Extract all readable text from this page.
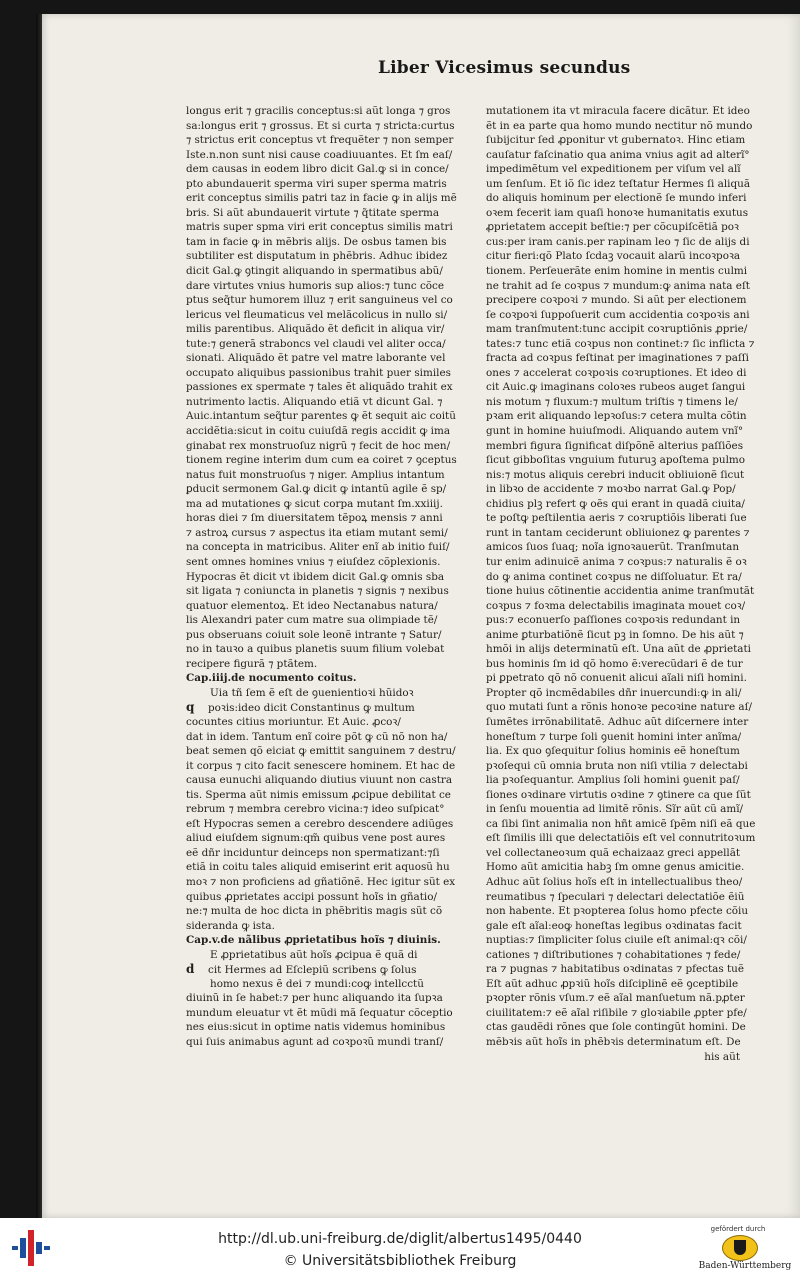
Liber Vicesimus secundus
longus erit ⁊ gracilis conceptus:si aũt longa ⁊ gros
sa:longus erit ⁊ grossus. Et si curta ⁊ stricta:curtus
⁊ strictus erit conceptus vt frequẽter ⁊ non semper
Iste.n.non sunt nisi cause coadiuuantes. Et ſm eaſ/
dem causas in eodem libro dicit Gal.ꝙ si in conce/
pto abundauerit sperma viri super sperma matris
erit conceptus similis patri taz in facie ꝙ in alijs mẽ
bris. Si aũt abundauerit virtute ⁊ q̃titate sperma
matris super spma viri erit conceptus similis matri
tam in facie ꝙ in mẽbris alijs. De osbus tamen bis
subtiliter est disputatum in phẽbris. Adhuc ibidez
dicit Gal.ꝙ ꝯtingit aliquando in spermatibus abũ/
dare virtutes vnius humoris sup alios:⁊ tunc cõce
ptus seq̃tur humorem illuz ⁊ erit sanguineus vel co
lericus vel fleumaticus vel melãcolicus in nullo si/
milis parentibus. Aliquãdo ẽt deficit in aliqua vir/
tute:⁊ generã straboncs vel claudi vel aliter occa/
sionati. Aliquãdo ẽt patre vel matre laborante vel
occupato aliquibus passionibus trahit puer similes
passiones ex spermate ⁊ tales ẽt aliquãdo trahit ex
nutrimento lactis. Aliquando etiã vt dicunt Gal. ⁊
Auic.intantum seq̃tur parentes ꝙ ẽt sequit aic coitũ
accidẽtia:sicut in coitu cuiuſdã regis accidit ꝙ ima
ginabat rex monstruoſuz nigrũ ⁊ fecit de hoc men/
tionem regine interim dum cum ea coiret ⁊ ꝯceptus
natus fuit monstruoſus ⁊ niger. Amplius intantum
ꝑducit sermonem Gal.ꝙ dicit ꝙ intantũ agile ẽ sp/
ma ad mutationes ꝙ sicut corpa mutant ſm.xxiiij.
horas diei ⁊ ſm diuersitatem tẽpoꝝ mensis ⁊ anni
⁊ astroꝝ cursus ⁊ aspectus ita etiam mutant semi/
na concepta in matricibus. Aliter enĩ ab initio fuiſ/
sent omnes homines vnius ⁊ eiuſdez cõplexionis.
Hypocras ẽt dicit vt ibidem dicit Gal.ꝙ omnis sba
sit ligata ⁊ coniuncta in planetis ⁊ signis ⁊ nexibus
quatuor elementoꝝ. Et ideo Nectanabus natura/
lis Alexandri pater cum matre sua olimpiade tẽ/
pus obseruans coiuit sole leonẽ intrante ⁊ Satur/
no in tauꝛo a quibus planetis suum filium volebat
recipere figurã ⁊ ptãtem.
Cap.iiij.de nocumento coitus.
Uia tñ ſem ẽ eſt de ꝯuenientioꝛi hũidoꝛ
q poꝛis:ideo dicit Constantinus ꝙ multum
cocuntes citius moriuntur. Et Auic. ꝓcoꝛ/
dat in idem. Tantum enĩ coire põt ꝙ cũ nõ non ha/
beat semen qõ eiciat ꝙ emittit sanguinem ⁊ destru/
it corpus ⁊ cito facit senescere hominem. Et hac de
causa eunuchi aliquando diutius viuunt non castra
tis. Sperma aũt nimis emissum ꝓcipue debilitat ce
rebrum ⁊ membra cerebro vicina:⁊ ideo suſpicat°
eſt Hypocras semen a cerebro descendere adiũges
aliud eiuſdem signum:qm̃ quibus vene post aures
eẽ dñr inciduntur deinceps non spermatizant:⁊ſi
etiã in coitu tales aliquid emiserint erit aquosũ hu
moꝛ ⁊ non proficiens ad gñatiõnẽ. Hec igitur sũt ex
quibus ꝓprietates accipi possunt hoĩs in gñatio/
ne:⁊ multa de hoc dicta in phẽbritis magis sũt cõ
sideranda ꝙ ista.
Cap.v.de nãlibus ꝓprietatibus hoĩs ⁊ diuinis.
E ꝓprietatibus aũt hoĩs ꝓcipua ẽ quã di
d cit Hermes ad Eſclepiũ scribens ꝙ ſolus
homo nexus ẽ dei ⁊ mundi:coꝙ intellcctũ
diuinũ in ſe habet:⁊ per hunc aliquando ita ſupꝛa
mundum eleuatur vt ẽt mũdi mã ſequatur cõceptio
nes eius:sicut in optime natis videmus hominibus
qui ſuis animabus agunt ad coꝛpoꝛũ mundi tranſ/
mutationem ita vt miracula facere dicãtur. Et ideo
ẽt in ea parte qua homo mundo nectitur nõ mundo
ſubijcitur ſed ꝓponitur vt gubernatoꝛ. Hinc etiam
cauſatur faſcinatio qua anima vnius agit ad alterĩ°
impedimẽtum vel expeditionem per viſum vel alĩ
um ſenſum. Et iõ ſic idez teſtatur Hermes ſi aliquã
do aliquis hominum per electionẽ ſe mundo inferi
oꝛem fecerit iam quaſi honoꝛe humanitatis exutus
ꝓprietatem accepit beſtie:⁊ per cõcupiſcẽtiã poꝛ
cus:per iram canis.per rapinam leo ⁊ ſic de alijs di
citur fieri:qõ Plato ſcdaꝫ vocauit alarũ incoꝛpoꝛa
tionem. Perſeuerãte enim homine in mentis culmi
ne trahit ad ſe coꝛpus ⁊ mundum:ꝙ anima nata eſt
precipere coꝛpoꝛi ⁊ mundo. Si aũt per electionem
ſe coꝛpoꝛi ſuppoſuerit cum accidentia coꝛpoꝛis ani
mam tranſmutent:tunc accipit coꝛruptiõnis ꝓprie/
tates:⁊ tunc etiã coꝛpus non continet:⁊ ſic inflicta ⁊
fracta ad coꝛpus feſtinat per imaginationes ⁊ paſſi
ones ⁊ accelerat coꝛpoꝛis coꝛruptiones. Et ideo di
cit Auic.ꝙ imaginans coloꝛes rubeos auget ſangui
nis motum ⁊ fluxum:⁊ multum triſtis ⁊ timens le/
pꝛam erit aliquando lepꝛoſus:⁊ cetera multa cõtin
gunt in homine huiuſmodi. Aliquando autem vnĩ°
membri figura ſignificat diſpõnẽ alterius paſſiões
ſicut gibboſitas vnguium futuruꝫ apoſtema pulmo
nis:⁊ motus aliquis cerebri inducit obliuionẽ ſicut
in libꝛo de accidente ⁊ moꝛbo narrat Gal.ꝙ Pop/
chidius plꝫ refert ꝙ oẽs qui erant in quadã ciuita/
te poſtꝙ peſtilentia aeris ⁊ coꝛruptiõis liberati ſue
runt in tantam ceciderunt obliuionez ꝙ parentes ⁊
amicos ſuos ſuaq; noĩa ignoꝛauerũt. Tranſmutan
tur enim adinuicẽ anima ⁊ coꝛpus:⁊ naturalis ẽ oꝛ
do ꝙ anima continet coꝛpus ne diſſoluatur. Et ra/
tione huius cõtinentie accidentia anime tranſmutãt
coꝛpus ⁊ foꝛma delectabilis imaginata mouet coꝛ/
pus:⁊ econuerſo paſſiones coꝛpoꝛis redundant in
anime ꝑturbatiõnẽ ſicut pꝫ in ſomno. De his aũt ⁊
hmõi in alijs determinatũ eſt. Una aũt de ꝓprietati
bus hominis ſm id qõ homo ẽ:verecũdari ẽ de tur
pi ꝑpetrato qõ nõ conuenit alicui aĩali niſi homini.
Propter qõ incmẽdabiles dñr inuercundi:ꝙ in ali/
quo mutati ſunt a rõnis honoꝛe pecoꝛine nature aſ/
ſumẽtes irrõnabilitatẽ. Adhuc aũt diſcernere inter
honeſtum ⁊ turpe ſoli ꝯuenit homini inter anĩma/
lia. Ex quo ꝯſequitur ſolius hominis eẽ honeſtum
pꝛoſequi cũ omnia bruta non niſi vtilia ⁊ delectabi
lia pꝛoſequantur. Amplius ſoli homini ꝯuenit paſ/
ſiones oꝛdinare virtutis oꝛdine ⁊ ꝯtinere ca que ſũt
in ſenſu mouentia ad limitẽ rõnis. Sĩr aũt cũ amĩ/
ca ſibi ſint animalia non hñt amicẽ ſpẽm niſi eã que
eſt ſimilis illi que delectatiõis eſt vel connutritoꝛum
vel collectaneoꝛum quã echaizaaz greci appellãt
Homo aũt amicitia habꝫ ſm omne genus amicitie.
Adhuc aũt ſolius hoĩs eſt in intellectualibus theo/
reumatibus ⁊ ſpeculari ⁊ delectari delectatiõe ẽiũ
non habente. Et pꝛopterea ſolus homo pfecte cõiu
gale eſt aĩal:eoꝙ honeſtas legibus oꝛdinatas facit
nuptias:⁊ ſimpliciter ſolus ciuile eſt animal:qꝛ cõi/
cationes ⁊ diſtributiones ⁊ cohabitationes ⁊ fede/
ra ⁊ pugnas ⁊ habitatibus oꝛdinatas ⁊ pfectas tuẽ
Eſt aũt adhuc ꝓpꝛiũ hoĩs diſciplinẽ eẽ ꝯceptibile
pꝛopter rõnis vſum.⁊ eẽ aĩal manſuetum nã.pꝓter
ciuilitatem:⁊ eẽ aĩal riſibile ⁊ gloꝛiabile ꝓpter pfe/
ctas gaudẽdi rõnes que ſole contingũt homini. De
mẽbꝛis aũt hoĩs in phẽbꝛis determinatum eſt. De
his aũt
http://dl.ub.uni-freiburg.de/diglit/albertus1495/0440
© Universitätsbibliothek Freiburg
gefördert durch
Baden-Württemberg
